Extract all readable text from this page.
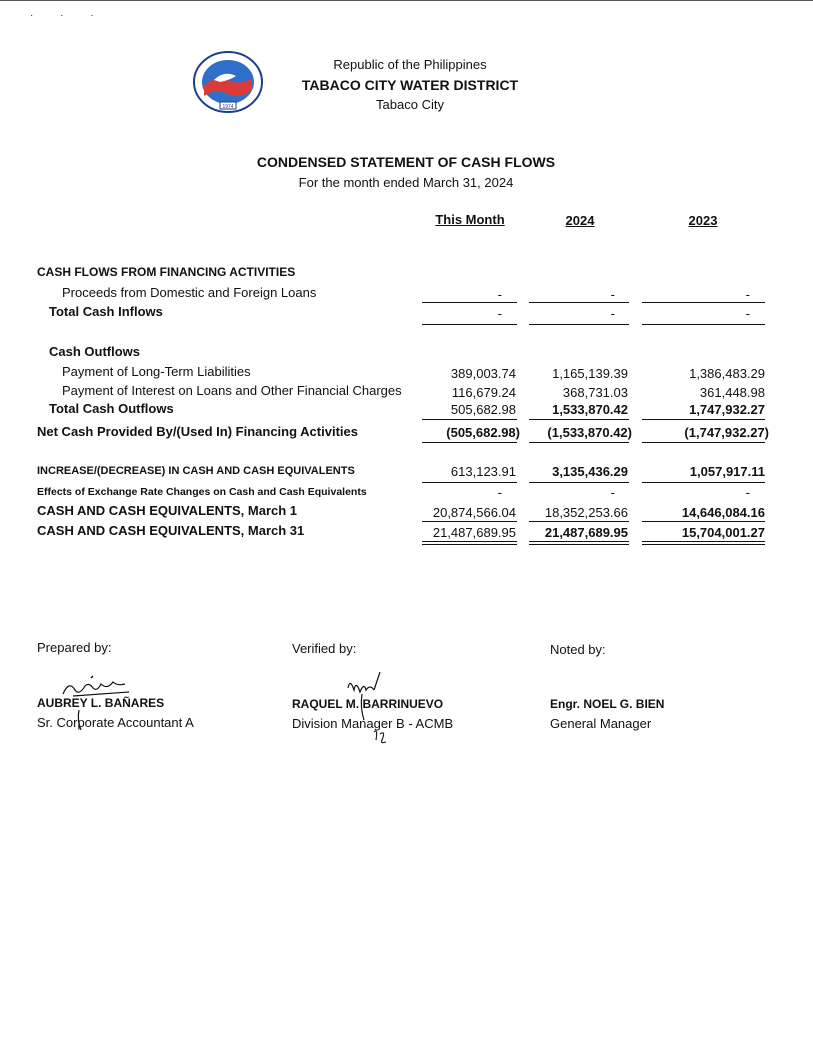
· · ·
1974
Republic of the Philippines
TABACO CITY WATER DISTRICT
Tabaco City
CONDENSED STATEMENT OF CASH FLOWS
For the month ended March 31, 2024
This Month	2024	2023
CASH FLOWS FROM FINANCING ACTIVITIES
Proceeds from Domestic and Foreign Loans	-	-	-
Total Cash Inflows	-	-	-
Cash Outflows
Payment of Long-Term Liabilities	389,003.74	1,165,139.39	1,386,483.29
Payment of Interest on Loans and Other Financial Charges	116,679.24	368,731.03	361,448.98
Total Cash Outflows	505,682.98	1,533,870.42	1,747,932.27
Net Cash Provided By/(Used In) Financing Activities	(505,682.98)	(1,533,870.42)	(1,747,932.27)
INCREASE/(DECREASE) IN CASH AND CASH EQUIVALENTS	613,123.91	3,135,436.29	1,057,917.11
Effects of Exchange Rate Changes on Cash and Cash Equivalents	-	-	-
CASH AND CASH EQUIVALENTS, March 1	20,874,566.04	18,352,253.66	14,646,084.16
CASH AND CASH EQUIVALENTS, March 31	21,487,689.95	21,487,689.95	15,704,001.27
Prepared by:	Verified by:	Noted by:
AUBREY L. BAÑARES
Sr. Corporate Accountant A
RAQUEL M. BARRINUEVO
Division Manager B - ACMB
Engr. NOEL G. BIEN
General Manager
